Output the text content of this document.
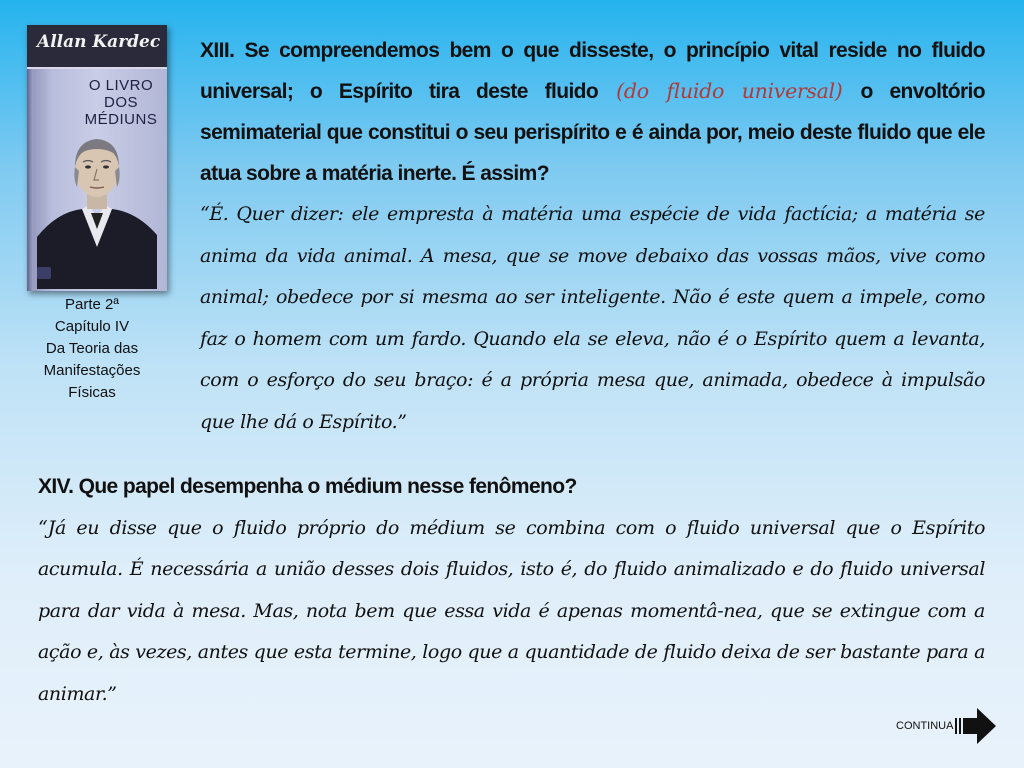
Allan Kardec
O LIVRO
DOS
MÉDIUNS
Parte 2ª
Capítulo IV
Da Teoria das
Manifestações
Físicas
XIII. Se compreendemos bem o que disseste, o princípio vital reside no fluido universal; o Espírito tira deste fluido (do fluido universal) o envoltório semimaterial que constitui o seu perispírito e é ainda por, meio deste fluido que ele atua sobre a matéria inerte. É assim?
“É. Quer dizer: ele empresta à matéria uma espécie de vida factícia; a matéria se anima da vida animal. A mesa, que se move debaixo das vossas mãos, vive como animal; obedece por si mesma ao ser inteligente. Não é este quem a impele, como faz o homem com um fardo. Quando ela se eleva, não é o Espírito quem a levanta, com o esforço do seu braço: é a própria mesa que, animada, obedece à impulsão que lhe dá o Espírito.”
XIV. Que papel desempenha o médium nesse fenômeno?
“Já eu disse que o fluido próprio do médium se combina com o fluido universal que o Espírito acumula. É necessária a união desses dois fluidos, isto é, do fluido animalizado e do fluido universal para dar vida à mesa. Mas, nota bem que essa vida é apenas momentâ-nea, que se extingue com a ação e, às vezes, antes que esta termine, logo que a quantidade de fluido deixa de ser bastante para a animar.”
CONTINUA
